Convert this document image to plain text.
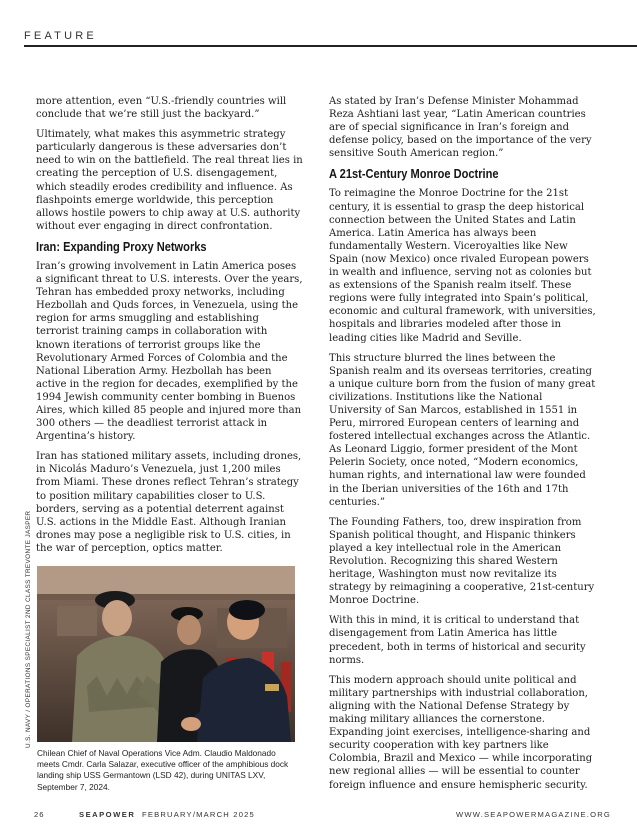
FEATURE

more attention, even “U.S.-friendly countries will conclude that we’re still just the backyard.”

Ultimately, what makes this asymmetric strategy particularly dangerous is these adversaries don’t need to win on the battlefield. The real threat lies in creating the perception of U.S. disengagement, which steadily erodes credibility and influence. As flashpoints emerge worldwide, this perception allows hostile powers to chip away at U.S. authority without ever engaging in direct confrontation.

Iran: Expanding Proxy Networks

Iran’s growing involvement in Latin America poses a significant threat to U.S. interests. Over the years, Tehran has embedded proxy networks, including Hezbollah and Quds forces, in Venezuela, using the region for arms smuggling and establishing terrorist training camps in collaboration with known iterations of terrorist groups like the Revolutionary Armed Forces of Colombia and the National Liberation Army. Hezbollah has been active in the region for decades, exemplified by the 1994 Jewish community center bombing in Buenos Aires, which killed 85 people and injured more than 300 others — the deadliest terrorist attack in Argentina’s history.

Iran has stationed military assets, including drones, in Nicolás Maduro’s Venezuela, just 1,200 miles from Miami. These drones reflect Tehran’s strategy to position military capabilities closer to U.S. borders, serving as a potential deterrent against U.S. actions in the Middle East. Although Iranian drones may pose a negligible risk to U.S. cities, in the war of perception, optics matter.

U.S. NAVY / OPERATIONS SPECIALIST 2ND CLASS TREVONTE JASPER
Chilean Chief of Naval Operations Vice Adm. Claudio Maldonado meets Cmdr. Carla Salazar, executive officer of the amphibious dock landing ship USS Germantown (LSD 42), during UNITAS LXV, September 7, 2024.

As stated by Iran’s Defense Minister Mohammad Reza Ashtiani last year, “Latin American countries are of special significance in Iran’s foreign and defense policy, based on the importance of the very sensitive South American region.”

A 21st-Century Monroe Doctrine

To reimagine the Monroe Doctrine for the 21st century, it is essential to grasp the deep historical connection between the United States and Latin America. Latin America has always been fundamentally Western. Viceroyalties like New Spain (now Mexico) once rivaled European powers in wealth and influence, serving not as colonies but as extensions of the Spanish realm itself. These regions were fully integrated into Spain’s political, economic and cultural framework, with universities, hospitals and libraries modeled after those in leading cities like Madrid and Seville.

This structure blurred the lines between the Spanish realm and its overseas territories, creating a unique culture born from the fusion of many great civilizations. Institutions like the National University of San Marcos, established in 1551 in Peru, mirrored European centers of learning and fostered intellectual exchanges across the Atlantic. As Leonard Liggio, former president of the Mont Pelerin Society, once noted, “Modern economics, human rights, and international law were founded in the Iberian universities of the 16th and 17th centuries.”

The Founding Fathers, too, drew inspiration from Spanish political thought, and Hispanic thinkers played a key intellectual role in the American Revolution. Recognizing this shared Western heritage, Washington must now revitalize its strategy by reimagining a cooperative, 21st-century Monroe Doctrine.

With this in mind, it is critical to understand that disengagement from Latin America has little precedent, both in terms of historical and security norms.

This modern approach should unite political and military partnerships with industrial collaboration, aligning with the National Defense Strategy by making military alliances the cornerstone. Expanding joint exercises, intelligence-sharing and security cooperation with key partners like Colombia, Brazil and Mexico — while incorporating new regional allies — will be essential to counter foreign influence and ensure hemispheric security.

26	SEAPOWER FEBRUARY/MARCH 2025	WWW.SEAPOWERMAGAZINE.ORG
